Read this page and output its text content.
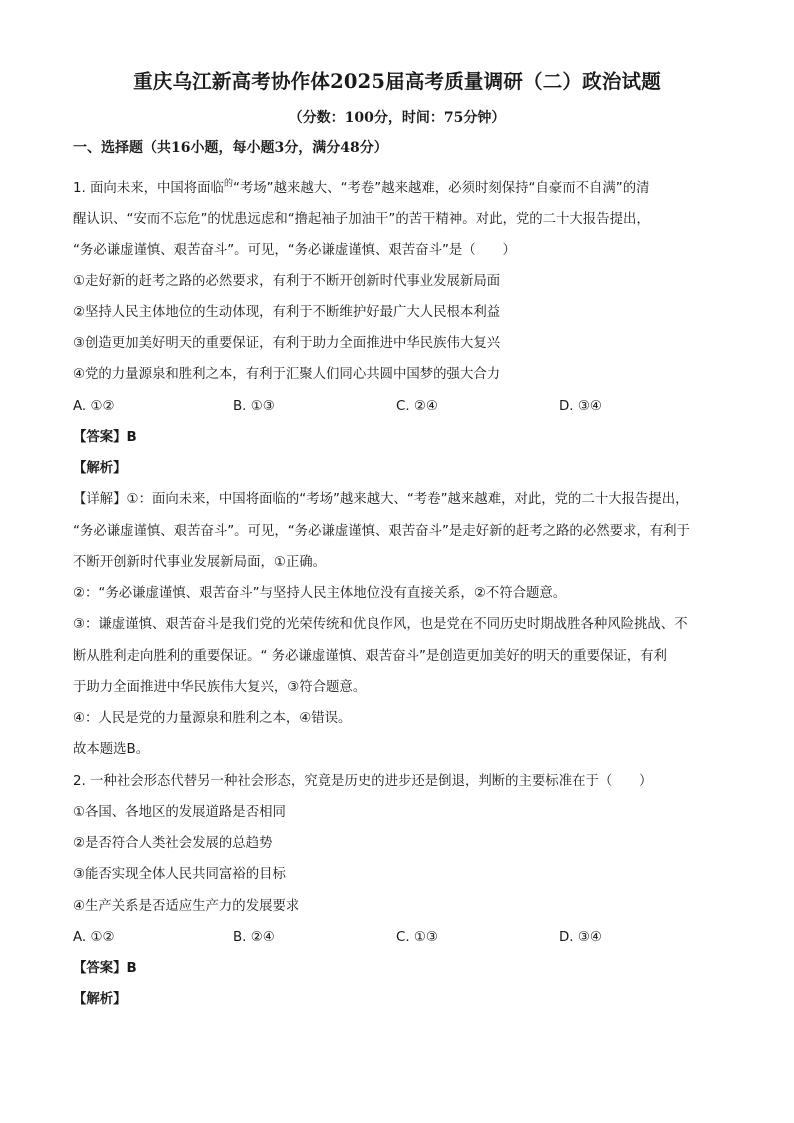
重庆乌江新高考协作体2025届高考质量调研（二）政治试题
（分数：100分，时间：75分钟）
一、选择题（共16小题，每小题3分，满分48分）
1. 面向未来，中国将面临$^的$“考场”越来越大、“考卷”越来越难，必须时刻保持“自豪而不自满”的清
醒认识、“安而不忘危”的忧患远虑和“撸起袖子加油干”的苦干精神。对此，党的二十大报告提出，
“务必谦虚谨慎、艰苦奋斗”。可见，“务必谦虚谨慎、艰苦奋斗”是（　　）
①走好新的赶考之路的必然要求，有利于不断开创新时代事业发展新局面
②坚持人民主体地位的生动体现，有利于不断维护好最广大人民根本利益
③创造更加美好明天的重要保证，有利于助力全面推进中华民族伟大复兴
④党的力量源泉和胜利之本，有利于汇聚人们同心共圆中国梦的强大合力
A. ①②	B. ①③	C. ②④	D. ③④
【答案】B
【解析】
【详解】①：面向未来，中国将面临的“考场”越来越大、“考卷”越来越难，对此，党的二十大报告提出，
“务必谦虚谨慎、艰苦奋斗”。可见，“务必谦虚谨慎、艰苦奋斗”是走好新的赶考之路的必然要求，有利于
不断开创新时代事业发展新局面，①正确。
②：“务必谦虚谨慎、艰苦奋斗”与坚持人民主体地位没有直接关系，②不符合题意。
③：谦虚谨慎、艰苦奋斗是我们党的光荣传统和优良作风，也是党在不同历史时期战胜各种风险挑战、不
断从胜利走向胜利的重要保证。“ 务必谦虚谨慎、艰苦奋斗”是创造更加美好的明天的重要保证，有利
于助力全面推进中华民族伟大复兴，③符合题意。
④：人民是党的力量源泉和胜利之本，④错误。
故本题选B。
2. 一种社会形态代替另一种社会形态，究竟是历史的进步还是倒退，判断的主要标准在于（　　）
①各国、各地区的发展道路是否相同
②是否符合人类社会发展的总趋势
③能否实现全体人民共同富裕的目标
④生产关系是否适应生产力的发展要求
A. ①②	B. ②④	C. ①③	D. ③④
【答案】B
【解析】
